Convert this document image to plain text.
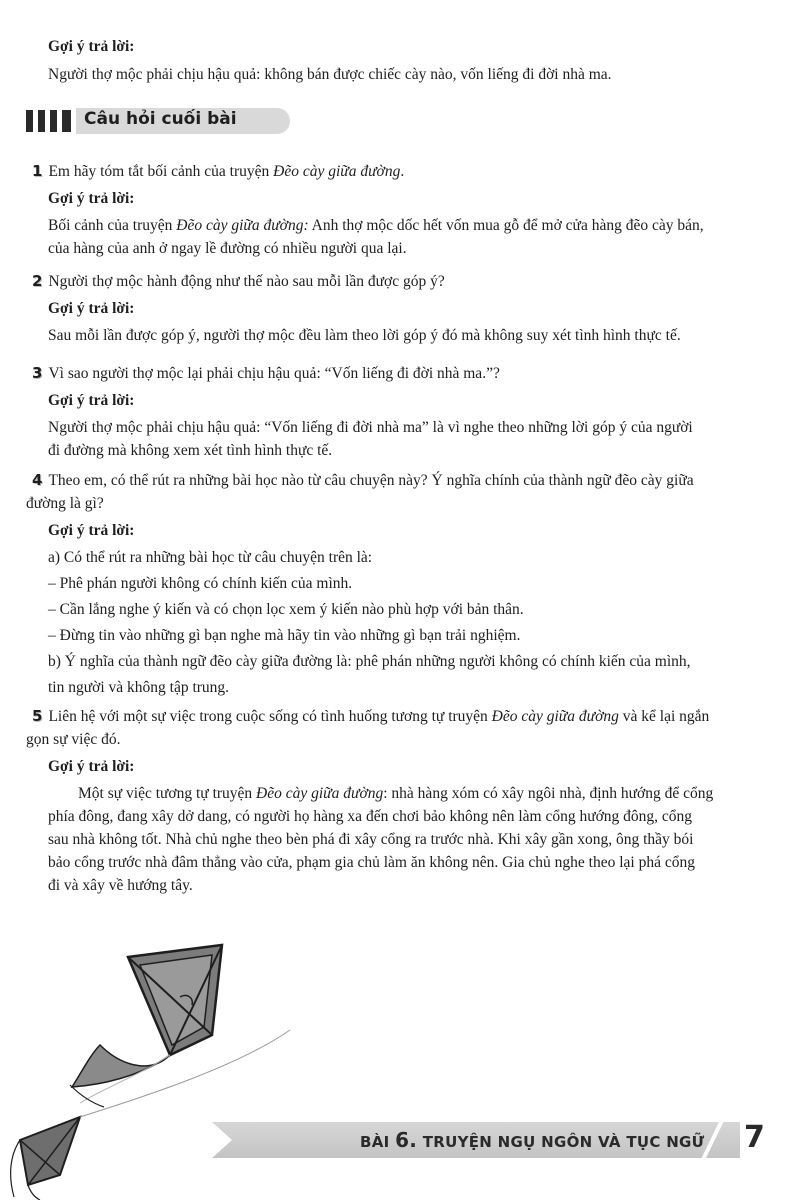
Gợi ý trả lời:
Người thợ mộc phải chịu hậu quả: không bán được chiếc cày nào, vốn liếng đi đời nhà ma.
Câu hỏi cuối bài
1 Em hãy tóm tắt bối cảnh của truyện Đẽo cày giữa đường.
Gợi ý trả lời:
Bối cảnh của truyện Đẽo cày giữa đường: Anh thợ mộc dốc hết vốn mua gỗ để mở cửa hàng đẽo cày bán,
của hàng của anh ở ngay lề đường có nhiều người qua lại.
2 Người thợ mộc hành động như thế nào sau mỗi lần được góp ý?
Gợi ý trả lời:
Sau mỗi lần được góp ý, người thợ mộc đều làm theo lời góp ý đó mà không suy xét tình hình thực tế.
3 Vì sao người thợ mộc lại phải chịu hậu quả: “Vốn liếng đi đời nhà ma.”?
Gợi ý trả lời:
Người thợ mộc phải chịu hậu quả: “Vốn liếng đi đời nhà ma” là vì nghe theo những lời góp ý của người
đi đường mà không xem xét tình hình thực tế.
4 Theo em, có thể rút ra những bài học nào từ câu chuyện này? Ý nghĩa chính của thành ngữ đẽo cày giữa
đường là gì?
Gợi ý trả lời:
a) Có thể rút ra những bài học từ câu chuyện trên là:
– Phê phán người không có chính kiến của mình.
– Cần lắng nghe ý kiến và có chọn lọc xem ý kiến nào phù hợp với bản thân.
– Đừng tin vào những gì bạn nghe mà hãy tin vào những gì bạn trải nghiệm.
b) Ý nghĩa của thành ngữ đẽo cày giữa đường là: phê phán những người không có chính kiến của mình,
tin người và không tập trung.
5 Liên hệ với một sự việc trong cuộc sống có tình huống tương tự truyện Đẽo cày giữa đường và kể lại ngắn
gọn sự việc đó.
Gợi ý trả lời:
Một sự việc tương tự truyện Đẽo cày giữa đường: nhà hàng xóm có xây ngôi nhà, định hướng để cổng
phía đông, đang xây dở dang, có người họ hàng xa đến chơi bảo không nên làm cổng hướng đông, cổng
sau nhà không tốt. Nhà chủ nghe theo bèn phá đi xây cổng ra trước nhà. Khi xây gần xong, ông thầy bói
bảo cổng trước nhà đâm thẳng vào cửa, phạm gia chủ làm ăn không nên. Gia chủ nghe theo lại phá cổng
đi và xây về hướng tây.
BÀI 6. TRUYỆN NGỤ NGÔN VÀ TỤC NGỮ 7
